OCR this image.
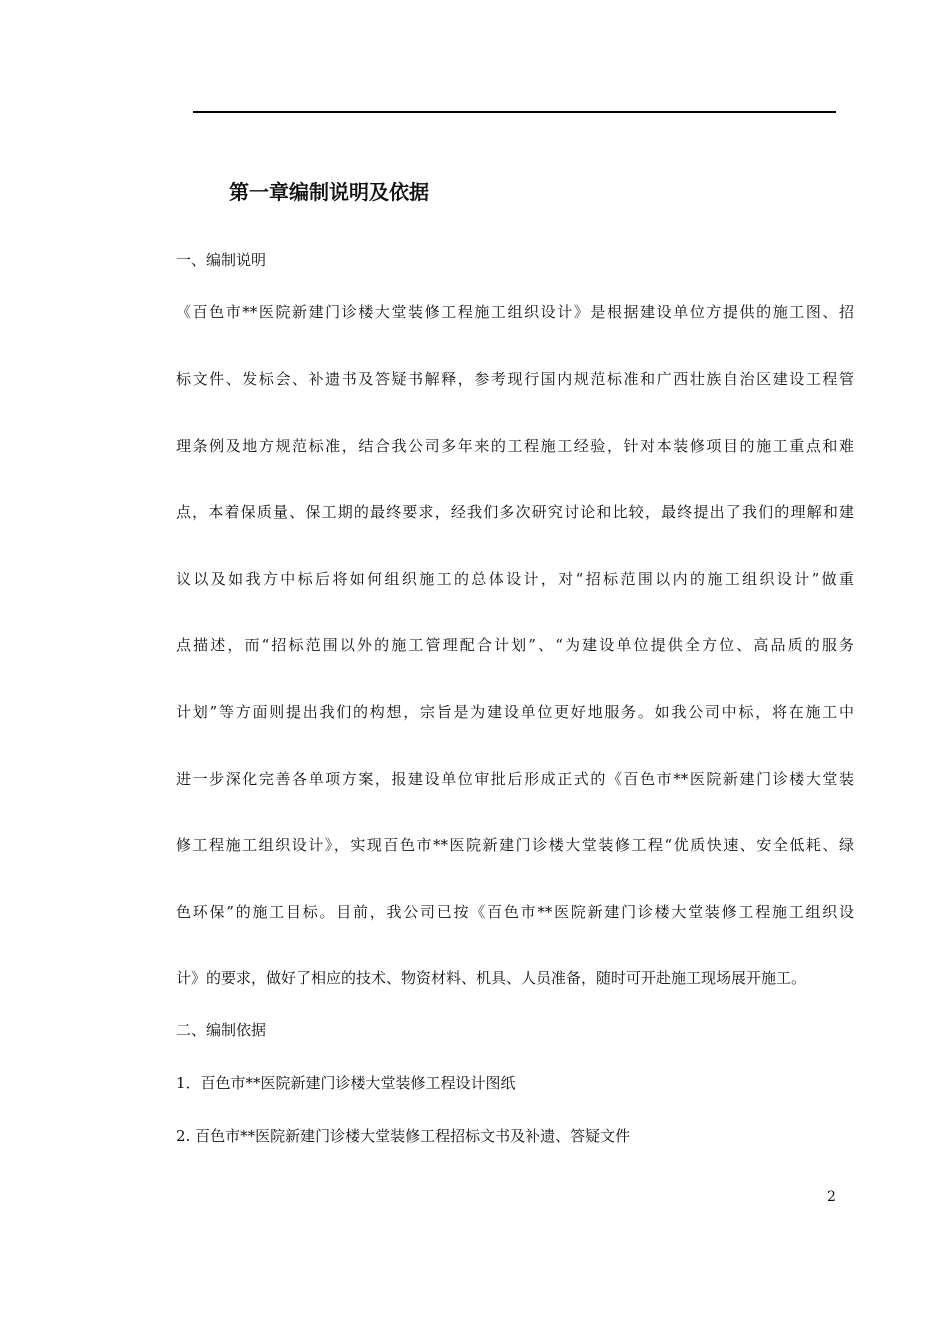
第一章编制说明及依据
一、编制说明
《百色市**医院新建门诊楼大堂装修工程施工组织设计》是根据建设单位方提供的施工图、招
标文件、发标会、补遗书及答疑书解释，参考现行国内规范标准和广西壮族自治区建设工程管
理条例及地方规范标准，结合我公司多年来的工程施工经验，针对本装修项目的施工重点和难
点，本着保质量、保工期的最终要求，经我们多次研究讨论和比较，最终提出了我们的理解和建
议以及如我方中标后将如何组织施工的总体设计，对“招标范围以内的施工组织设计”做重
点描述，而“招标范围以外的施工管理配合计划”、“为建设单位提供全方位、高品质的服务
计划”等方面则提出我们的构想，宗旨是为建设单位更好地服务。如我公司中标，将在施工中
进一步深化完善各单项方案，报建设单位审批后形成正式的《百色市**医院新建门诊楼大堂装
修工程施工组织设计》，实现百色市**医院新建门诊楼大堂装修工程“优质快速、安全低耗、绿
色环保”的施工目标。目前，我公司已按《百色市**医院新建门诊楼大堂装修工程施工组织设
计》的要求，做好了相应的技术、物资材料、机具、人员准备，随时可开赴施工现场展开施工。
二、编制依据
1．百色市**医院新建门诊楼大堂装修工程设计图纸
2. 百色市**医院新建门诊楼大堂装修工程招标文书及补遗、答疑文件
2
